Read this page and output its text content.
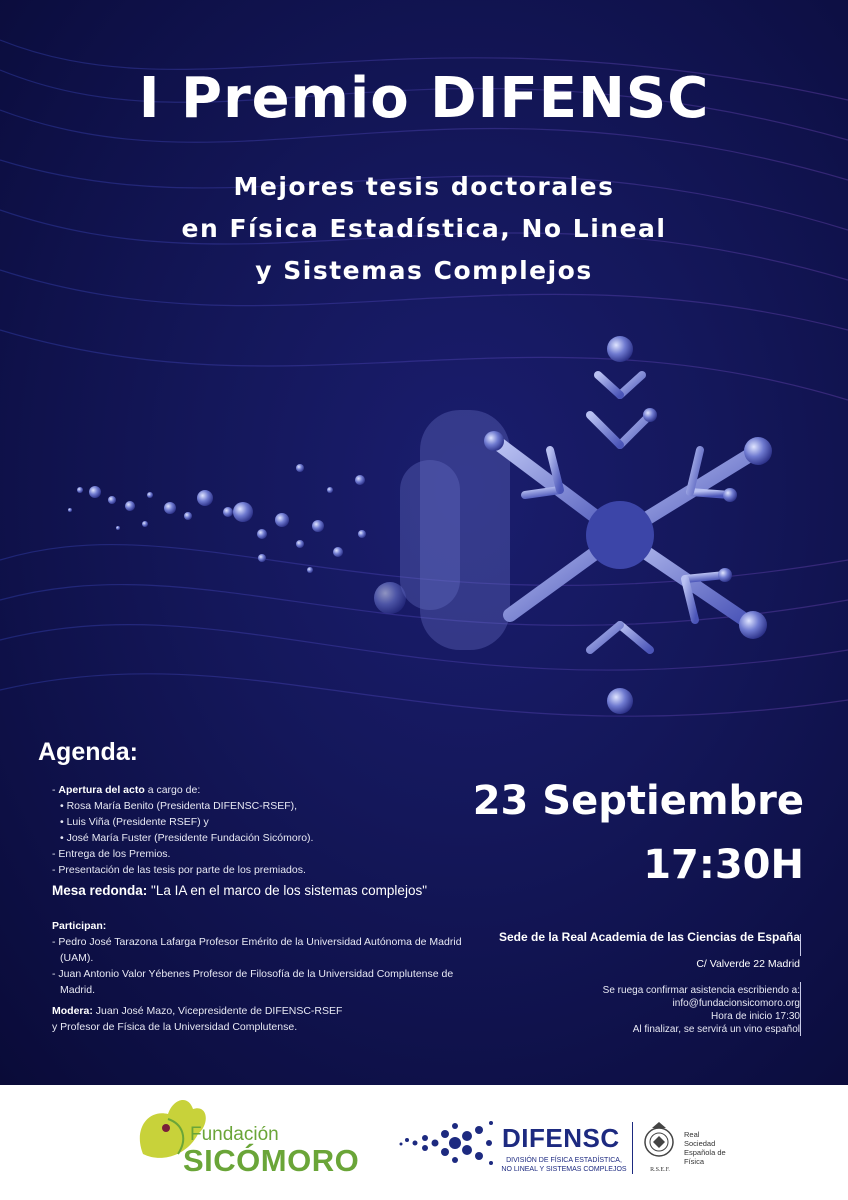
I Premio DIFENSC
Mejores tesis doctorales
en Física Estadística, No Lineal
y Sistemas Complejos
Agenda:
- Apertura del acto a cargo de:
• Rosa María Benito (Presidenta DIFENSC-RSEF),
• Luis Viña (Presidente RSEF) y
• José María Fuster (Presidente Fundación Sicómoro).
- Entrega de los Premios.
- Presentación de las tesis por parte de los premiados.
Mesa redonda: "La IA en el marco de los sistemas complejos"
Participan:
- Pedro José Tarazona Lafarga Profesor Emérito de la Universidad Autónoma de Madrid
(UAM).
- Juan Antonio Valor Yébenes Profesor de Filosofía de la Universidad Complutense de
Madrid.
Modera: Juan José Mazo, Vicepresidente de DIFENSC-RSEF
y Profesor de Física de la Universidad Complutense.
23 Septiembre
17:30H
Sede de la Real Academia de las Ciencias de España
C/ Valverde 22 Madrid
Se ruega confirmar asistencia escribiendo a:
info@fundacionsicomoro.org
Hora de inicio 17:30
Al finalizar, se servirá un vino español
Fundación
SICÓMORO
DIFENSC
DIVISIÓN DE FÍSICA ESTADÍSTICA,
NO LINEAL Y SISTEMAS COMPLEJOS	R.S.E.F.
Real
Sociedad
Española de
Física
